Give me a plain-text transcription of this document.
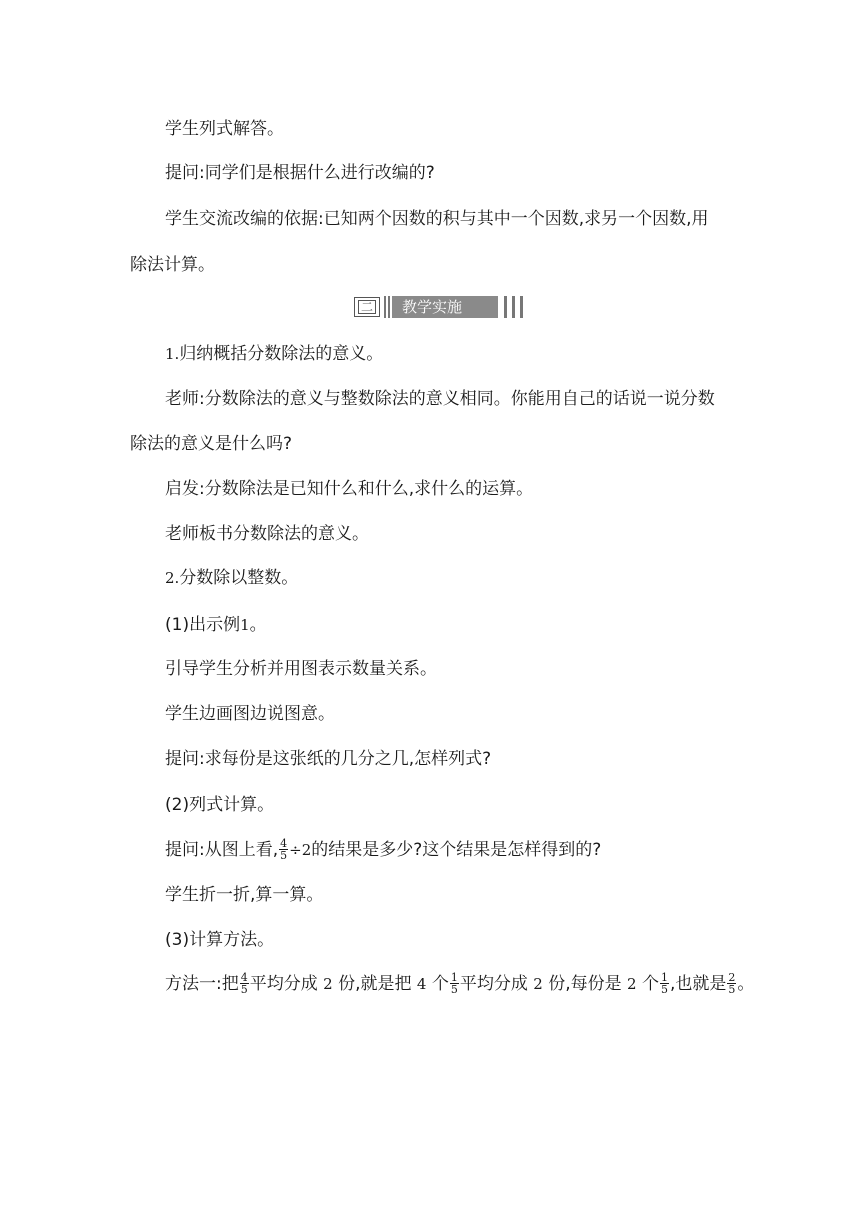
学生列式解答。
提问:同学们是根据什么进行改编的?
学生交流改编的依据:已知两个因数的积与其中一个因数,求另一个因数,用
除法计算。
二	教学实施
1.归纳概括分数除法的意义。
老师:分数除法的意义与整数除法的意义相同。你能用自己的话说一说分数
除法的意义是什么吗?
启发:分数除法是已知什么和什么,求什么的运算。
老师板书分数除法的意义。
2.分数除以整数。
(1)出示例1。
引导学生分析并用图表示数量关系。
学生边画图边说图意。
提问:求每份是这张纸的几分之几,怎样列式?
(2)列式计算。
提问:从图上看, $\frac{4}{5} \div 2$的结果是多少?这个结果是怎样得到的?
学生折一折,算一算。
(3)计算方法。
方法一:把 $\frac{4}{5}$ 平均分成 2 份,就是把 4 个 $\frac{1}{5}$ 平均分成 2 份,每份是 2 个 $\frac{1}{5}$ ,也就是 $\frac{2}{5}$ 。
